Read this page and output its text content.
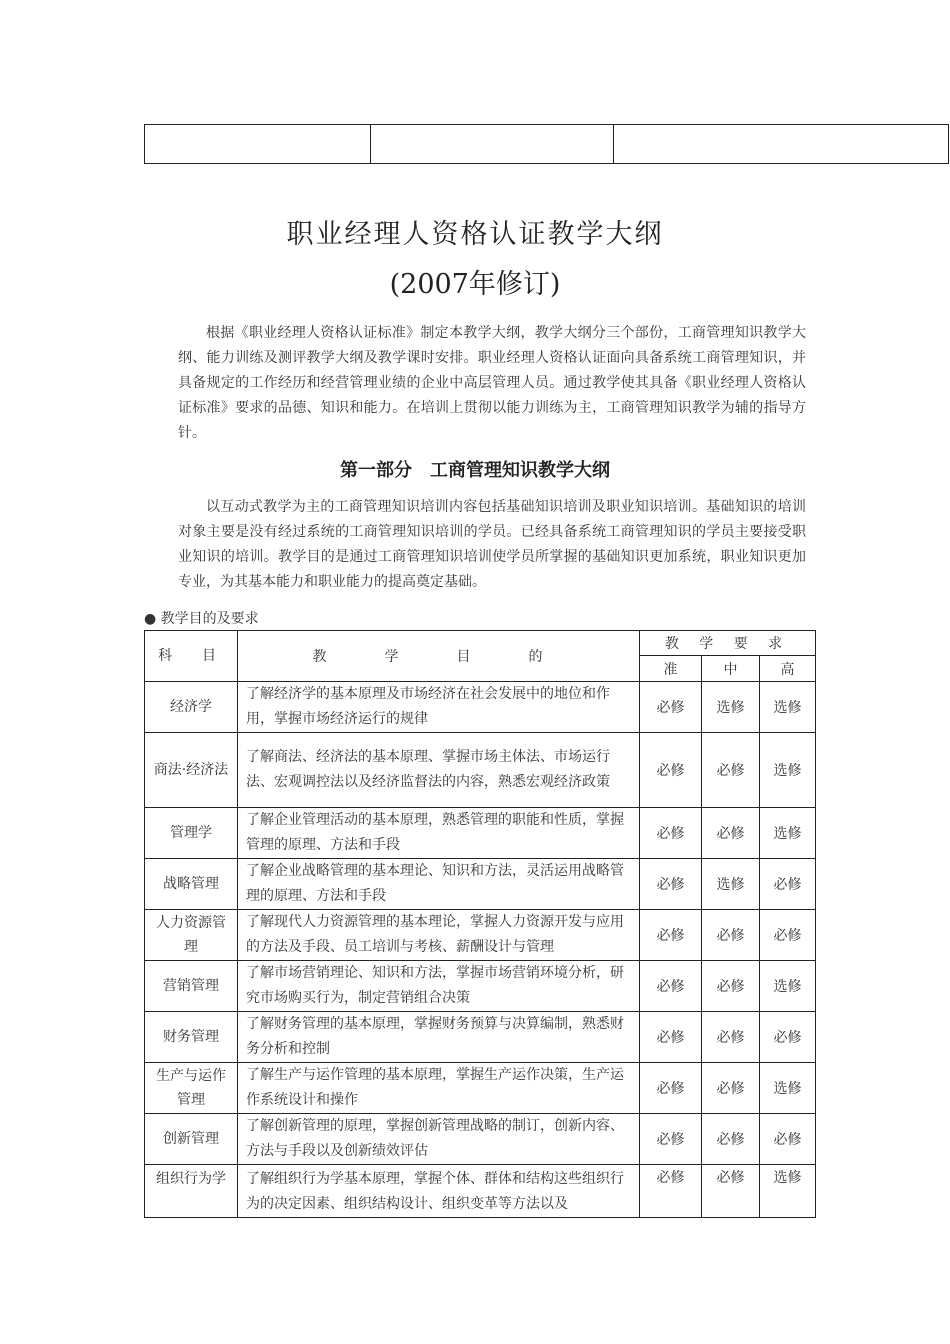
职业经理人资格认证教学大纲
(2007年修订)

根据《职业经理人资格认证标准》制定本教学大纲，教学大纲分三个部份，工商管理知识教学大纲、能力训练及测评教学大纲及教学课时安排。职业经理人资格认证面向具备系统工商管理知识，并具备规定的工作经历和经营管理业绩的企业中高层管理人员。通过教学使其具备《职业经理人资格认证标准》要求的品德、知识和能力。在培训上贯彻以能力训练为主，工商管理知识教学为辅的指导方针。

第一部分　工商管理知识教学大纲

以互动式教学为主的工商管理知识培训内容包括基础知识培训及职业知识培训。基础知识的培训对象主要是没有经过系统的工商管理知识培训的学员。已经具备系统工商管理知识的学员主要接受职业知识的培训。教学目的是通过工商管理知识培训使学员所掌握的基础知识更加系统，职业知识更加专业，为其基本能力和职业能力的提高奠定基础。

● 教学目的及要求
科　目	教　学　目　的	教 学 要 求		
		准	中	高
经济学	了解经济学的基本原理及市场经济在社会发展中的地位和作用，掌握市场经济运行的规律	必修	选修	选修
商法·经济法	了解商法、经济法的基本原理、掌握市场主体法、市场运行法、宏观调控法以及经济监督法的内容，熟悉宏观经济政策	必修	必修	选修
管理学	了解企业管理活动的基本原理，熟悉管理的职能和性质，掌握管理的原理、方法和手段	必修	必修	选修
战略管理	了解企业战略管理的基本理论、知识和方法，灵活运用战略管理的原理、方法和手段	必修	选修	必修
人力资源管理	了解现代人力资源管理的基本理论，掌握人力资源开发与应用的方法及手段、员工培训与考核、薪酬设计与管理	必修	必修	必修
营销管理	了解市场营销理论、知识和方法，掌握市场营销环境分析，研究市场购买行为，制定营销组合决策	必修	必修	选修
财务管理	了解财务管理的基本原理，掌握财务预算与决算编制，熟悉财务分析和控制	必修	必修	必修
生产与运作管理	了解生产与运作管理的基本原理，掌握生产运作决策，生产运作系统设计和操作	必修	必修	选修
创新管理	了解创新管理的原理，掌握创新管理战略的制订，创新内容、方法与手段以及创新绩效评估	必修	必修	必修
组织行为学	了解组织行为学基本原理，掌握个体、群体和结构这些组织行为的决定因素、组织结构设计、组织变革等方法以及	必修	必修	选修
